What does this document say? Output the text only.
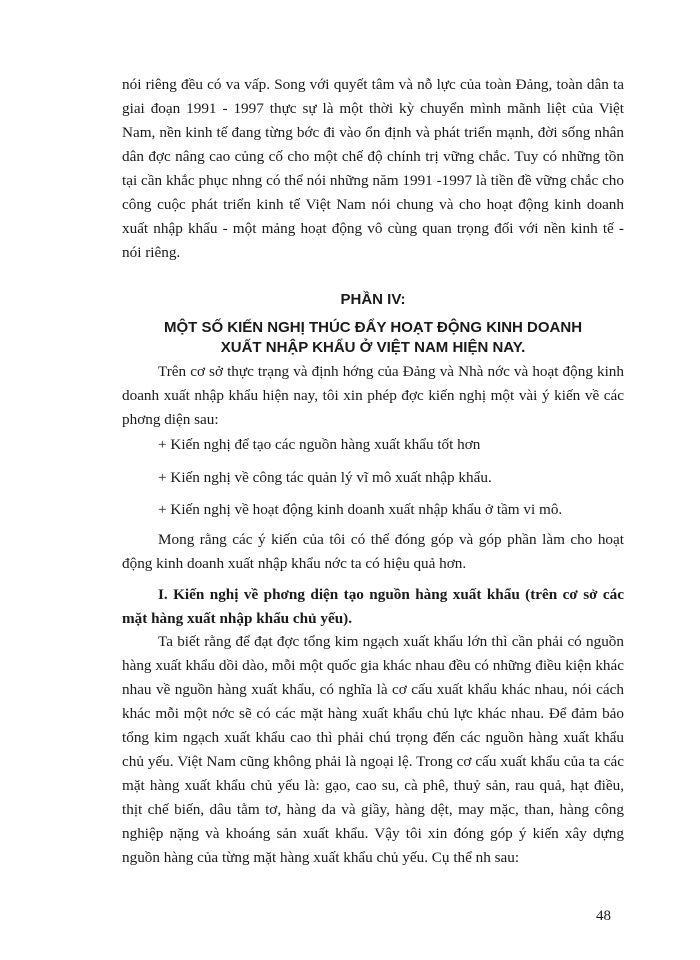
nói riêng đều có va vấp. Song với quyết tâm và nỗ lực của toàn Đảng, toàn dân ta giai đoạn 1991 - 1997 thực sự là một thời kỳ chuyển mình mãnh liệt của Việt Nam, nền kinh tế đang từng bớc đi vào ổn định và phát triển mạnh, đời sống nhân dân đợc nâng cao củng cố cho một chế độ chính trị vững chắc. Tuy có những tồn tại cần khắc phục nhng có thể nói những năm 1991 -1997 là tiền đề vững chắc cho công cuộc phát triển kinh tế Việt Nam nói chung và cho hoạt động kinh doanh xuất nhập khẩu - một mảng hoạt động vô cùng quan trọng đối với nền kinh tế - nói riêng.
PHẦN IV:
MỘT SỐ KIẾN NGHỊ THÚC ĐẨY HOẠT ĐỘNG KINH DOANH
XUẤT NHẬP KHẨU Ở VIỆT NAM HIỆN NAY.
Trên cơ sở thực trạng và định hớng của Đảng và Nhà nớc và hoạt động kinh doanh xuất nhập khẩu hiện nay, tôi xin phép đợc kiến nghị một vài ý kiến về các phơng diện sau:
+ Kiến nghị để tạo các nguồn hàng xuất khẩu tốt hơn
+ Kiến nghị về công tác quản lý vĩ mô xuất nhập khẩu.
+ Kiến nghị về hoạt động kinh doanh xuất nhập khẩu ở tầm vi mô.
Mong rằng các ý kiến của tôi có thể đóng góp và góp phần làm cho hoạt động kinh doanh xuất nhập khẩu nớc ta có hiệu quả hơn.
I. Kiến nghị về phơng diện tạo nguồn hàng xuất khẩu (trên cơ sở các mặt hàng xuất nhập khẩu chủ yếu).
Ta biết rằng để đạt đợc tổng kim ngạch xuất khẩu lớn thì cần phải có nguồn hàng xuất khẩu dồi dào, mỗi một quốc gia khác nhau đều có những điều kiện khác nhau về nguồn hàng xuất khẩu, có nghĩa là cơ cấu xuất khẩu khác nhau, nói cách khác mỗi một nớc sẽ có các mặt hàng xuất khẩu chủ lực khác nhau. Để đảm bảo tổng kim ngạch xuất khẩu cao thì phải chú trọng đến các nguồn hàng xuất khẩu chủ yếu. Việt Nam cũng không phải là ngoại lệ. Trong cơ cấu xuất khẩu của ta các mặt hàng xuất khẩu chủ yếu là: gạo, cao su, cà phê, thuỷ sản, rau quả, hạt điều, thịt chế biến, dâu tằm tơ, hàng da và giầy, hàng dệt, may mặc, than, hàng công nghiệp nặng và khoáng sản xuất khẩu. Vậy tôi xin đóng góp ý kiến xây dựng nguồn hàng của từng mặt hàng xuất khẩu chủ yếu. Cụ thể nh sau:
48
